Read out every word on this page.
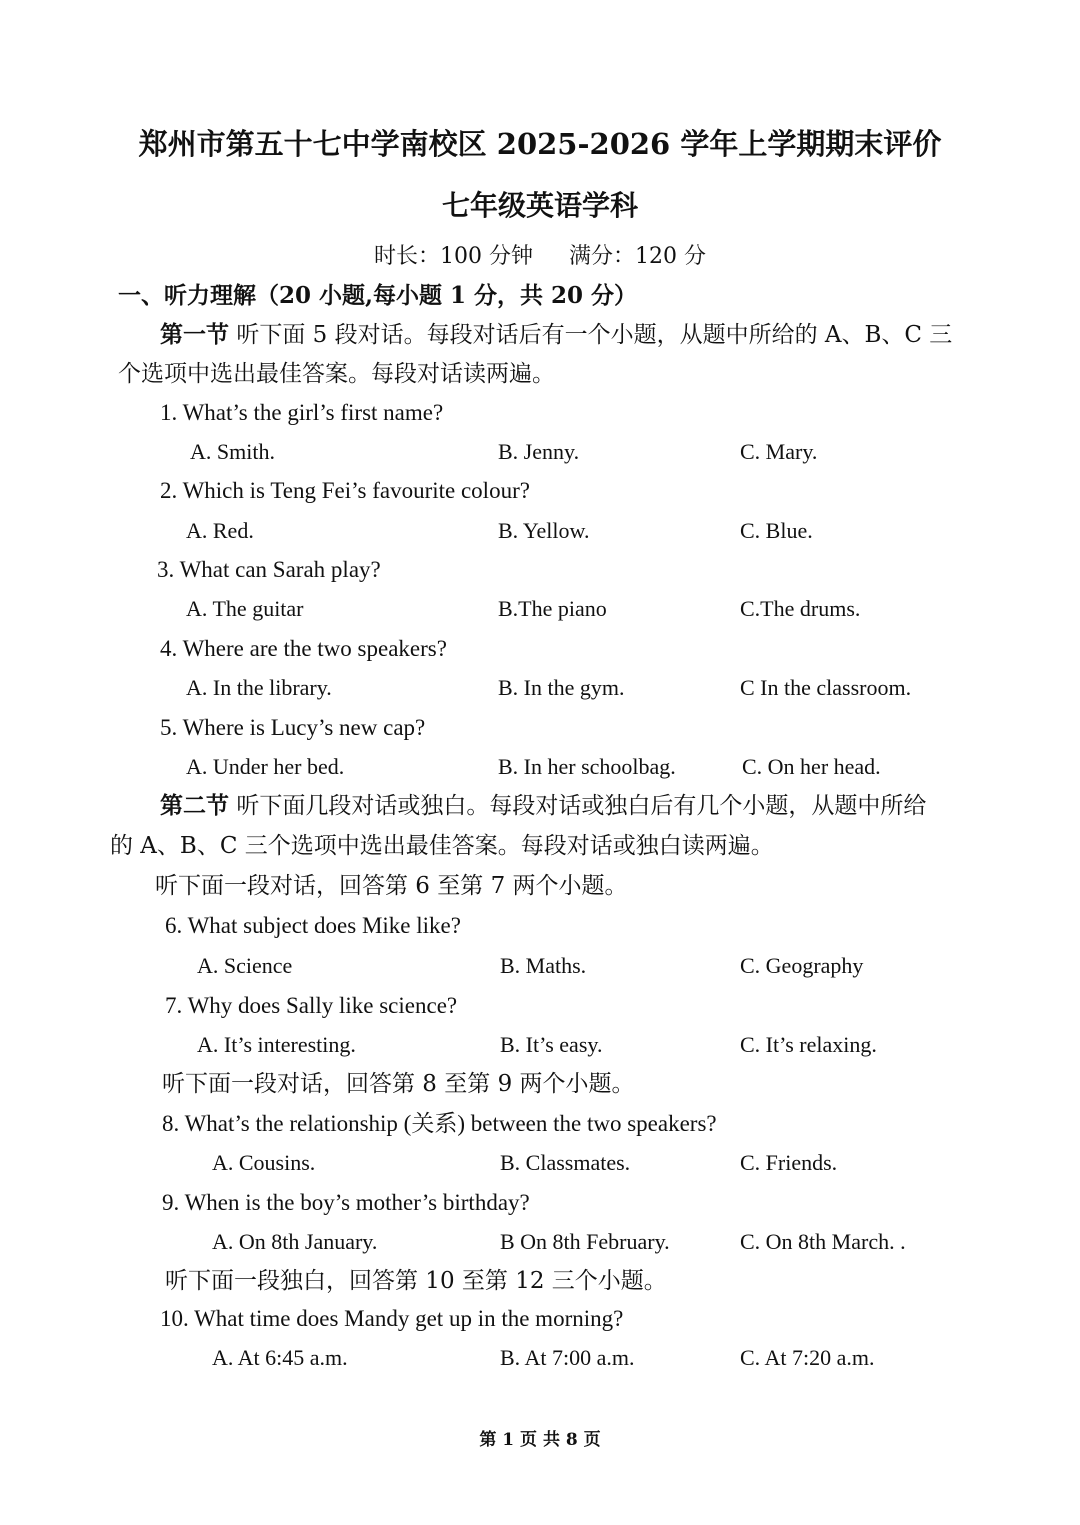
郑州市第五十七中学南校区 2025-2026 学年上学期期末评价
七年级英语学科
时长：100 分钟 满分：120 分
一、听力理解（20 小题,每小题 1 分，共 20 分）
第一节 听下面 5 段对话。每段对话后有一个小题，从题中所给的 A、B、C 三
个选项中选出最佳答案。每段对话读两遍。
1. What’s the girl’s first name?
A. Smith.	B. Jenny.	C. Mary.
2. Which is Teng Fei’s favourite colour?
A. Red.	B. Yellow.	C. Blue.
3. What can Sarah play?
A. The guitar	B.The piano	C.The drums.
4. Where are the two speakers?
A. In the library.	B. In the gym.	C In the classroom.
5. Where is Lucy’s new cap?
A. Under her bed.	B. In her schoolbag.	C. On her head.
第二节 听下面几段对话或独白。每段对话或独白后有几个小题，从题中所给
的 A、B、C 三个选项中选出最佳答案。每段对话或独白读两遍。
听下面一段对话，回答第 6 至第 7 两个小题。
6. What subject does Mike like?
A. Science	B. Maths.	C. Geography
7. Why does Sally like science?
A. It’s interesting.	B. It’s easy.	C. It’s relaxing.
听下面一段对话，回答第 8 至第 9 两个小题。
8. What’s the relationship (关系) between the two speakers?
A. Cousins.	B. Classmates.	C. Friends.
9. When is the boy’s mother’s birthday?
A. On 8th January.	B On 8th February.	C. On 8th March. .
听下面一段独白，回答第 10 至第 12 三个小题。
10. What time does Mandy get up in the morning?
A. At 6:45 a.m.	B. At 7:00 a.m.	C. At 7:20 a.m.
第 1 页 共 8 页
